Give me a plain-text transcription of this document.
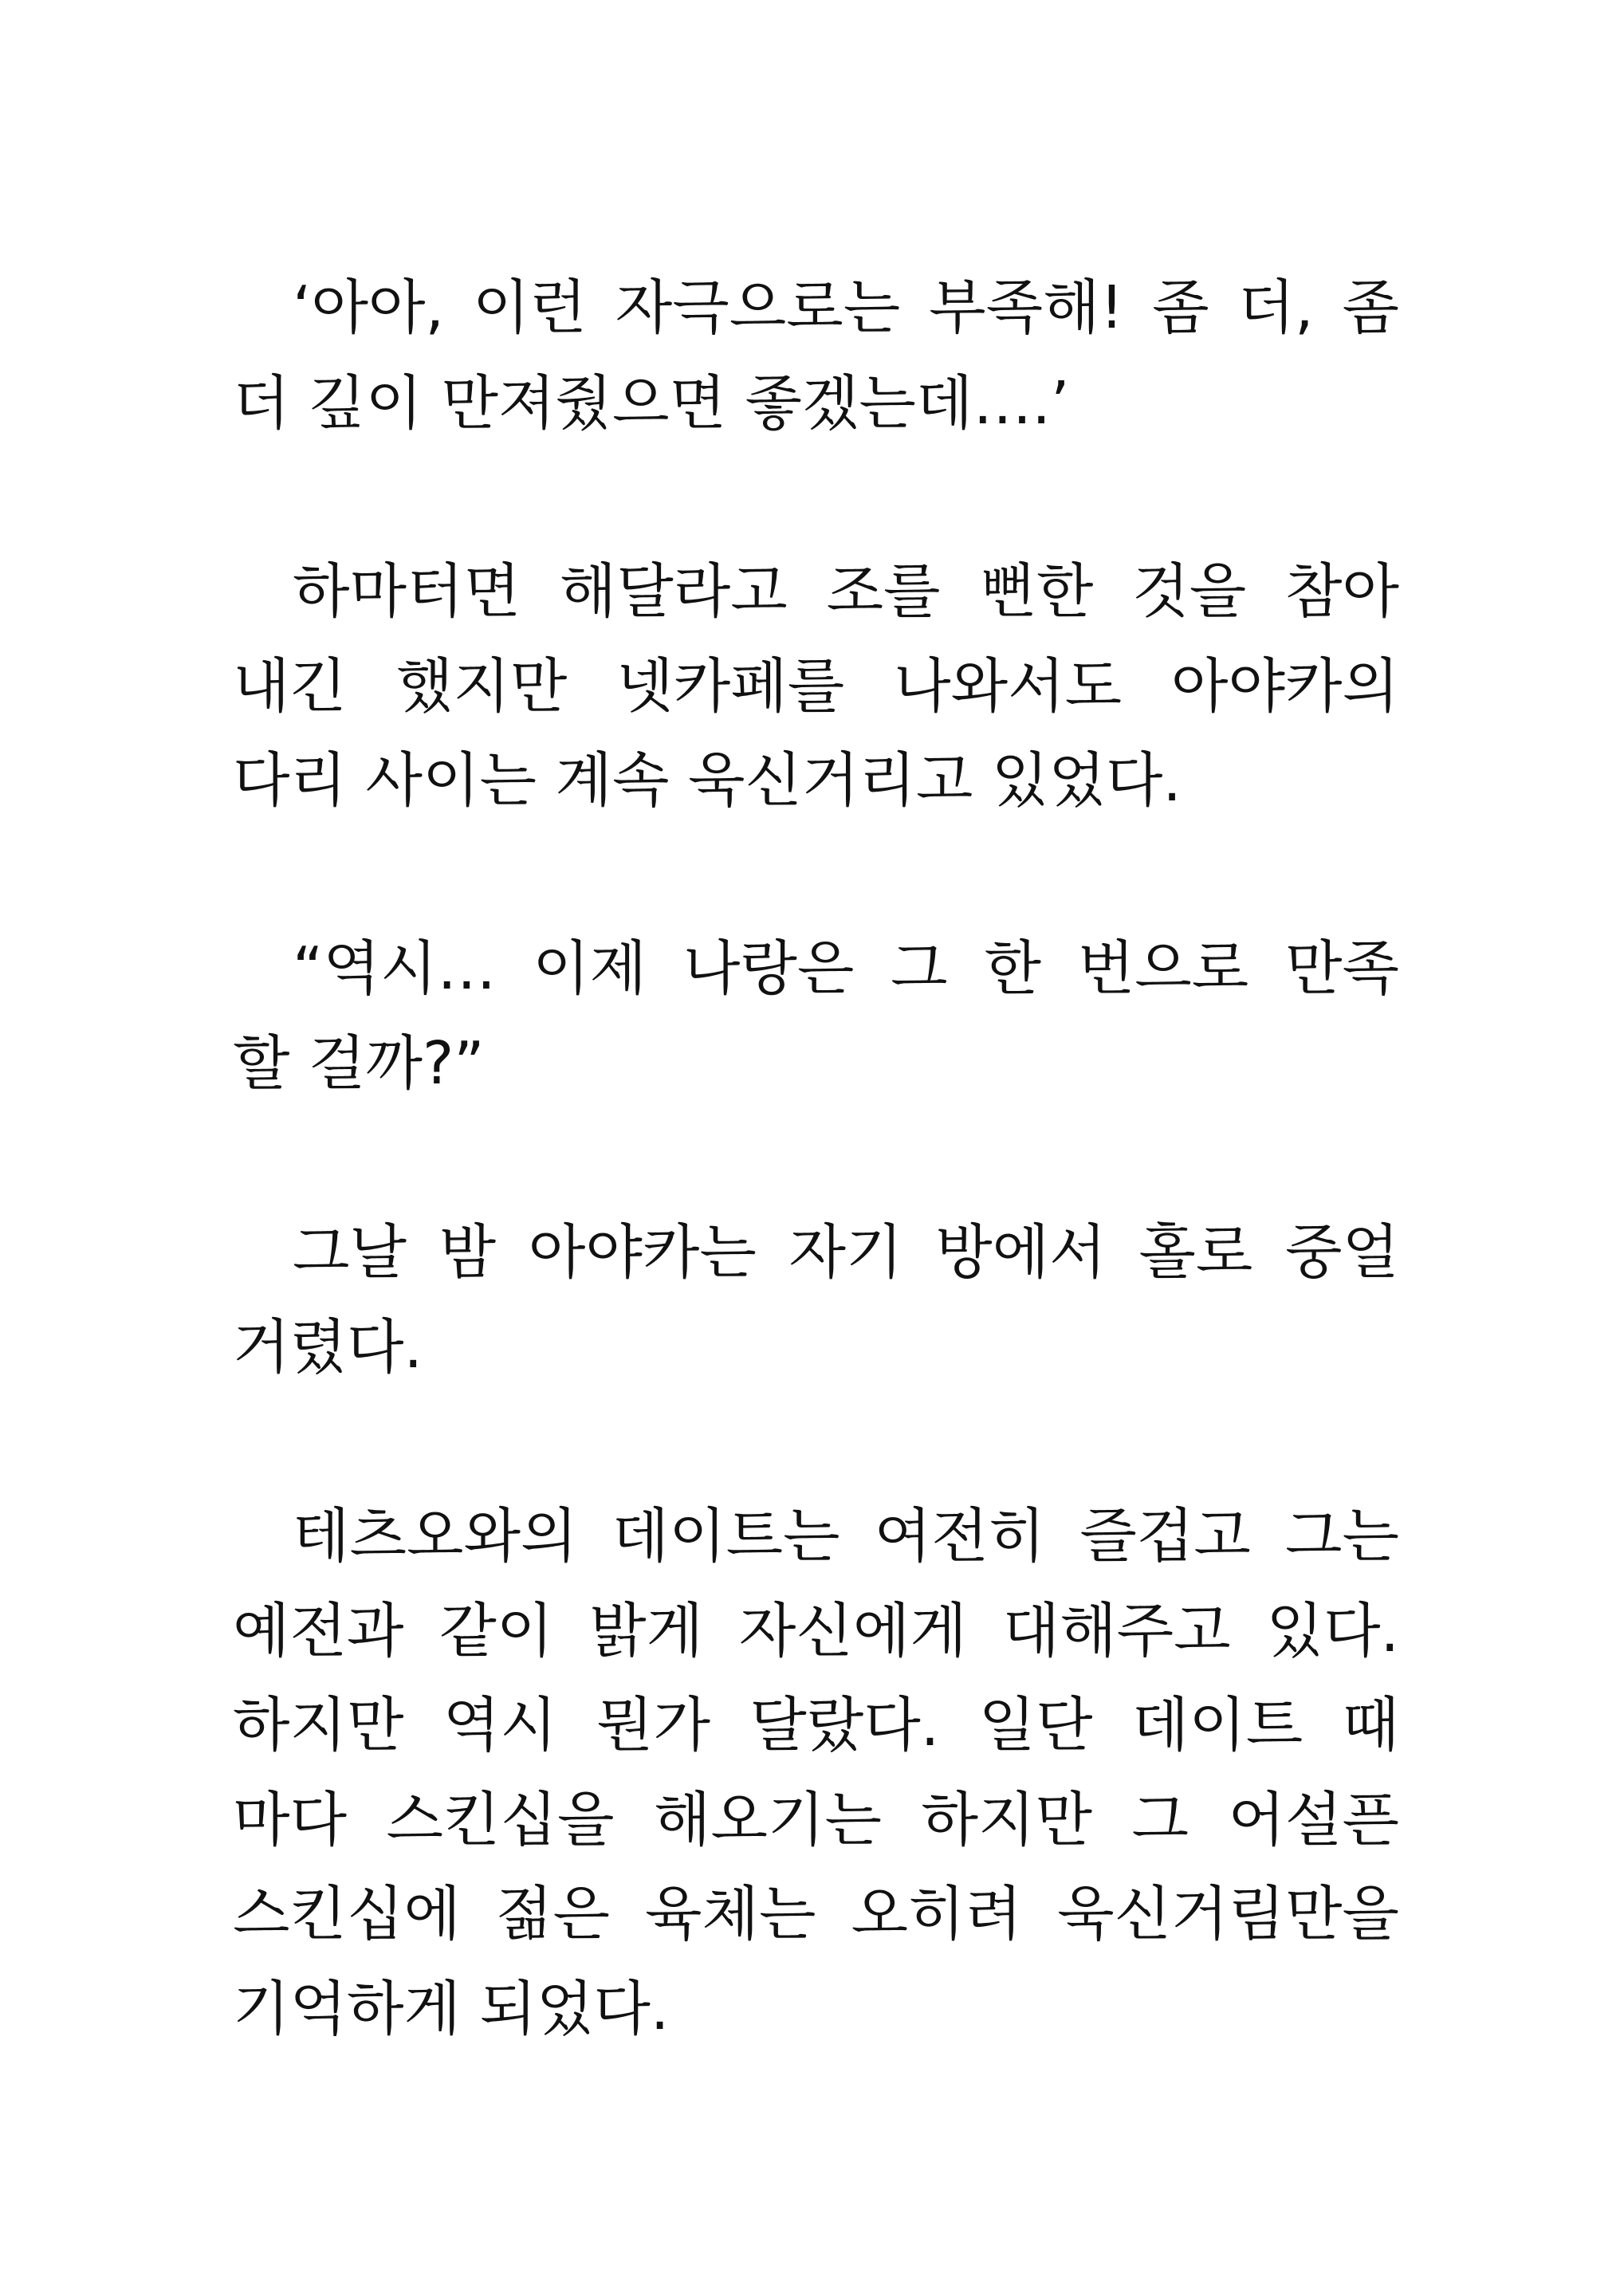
‘아아, 이런 자극으로는 부족해! 좀 더, 좀
더 깊이 만져줬으면 좋겠는데….’
하마터면 해달라고 조를 뻔한 것을 참아
내긴 했지만 넷카페를 나와서도 아야카의
다리 사이는 계속 욱신거리고 있었다.
“역시… 이제 나랑은 그 한 번으로 만족
할 걸까?”
그날 밤 아야카는 자기 방에서 홀로 중얼
거렸다.
테츠오와의 데이트는 여전히 즐겁고 그는
예전과 같이 밝게 자신에게 대해주고 있다.
하지만 역시 뭔가 달랐다. 일단 데이트 때
마다 스킨십을 해오기는 하지만 그 어설픈
스킨십에 젊은 육체는 오히려 욱신거림만을
기억하게 되었다.
